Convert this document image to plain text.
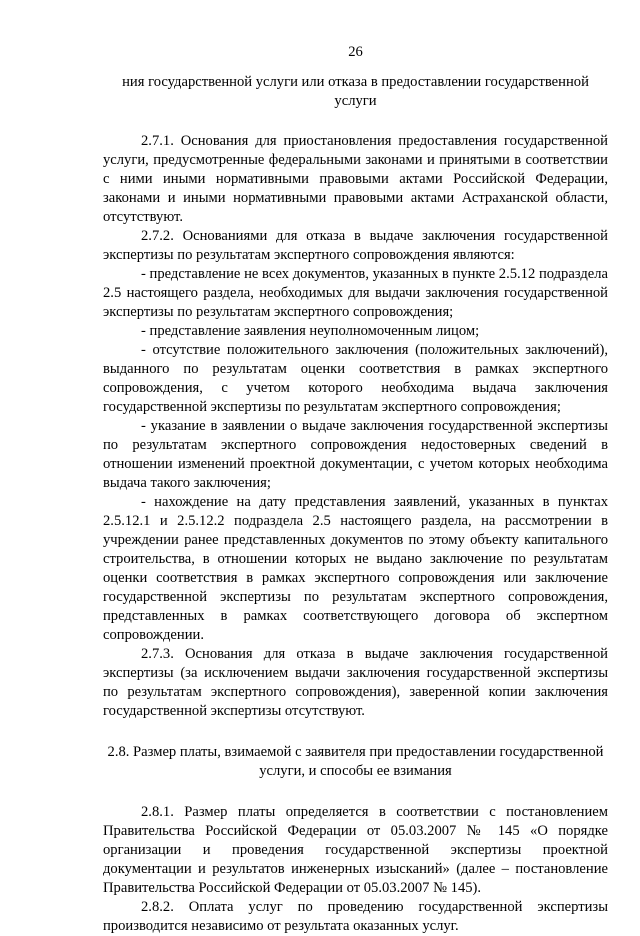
26

ния государственной услуги или отказа в предоставлении государственной услуги

2.7.1. Основания для приостановления предоставления государственной услуги, предусмотренные федеральными законами и принятыми в соответствии с ними иными нормативными правовыми актами Российской Федерации, законами и иными нормативными правовыми актами Астраханской области, отсутствуют.

2.7.2. Основаниями для отказа в выдаче заключения государственной экспертизы по результатам экспертного сопровождения являются:

- представление не всех документов, указанных в пункте 2.5.12 подраздела 2.5 настоящего раздела, необходимых для выдачи заключения государственной экспертизы по результатам экспертного сопровождения;

- представление заявления неуполномоченным лицом;

- отсутствие положительного заключения (положительных заключений), выданного по результатам оценки соответствия в рамках экспертного сопровождения, с учетом которого необходима выдача заключения государственной экспертизы по результатам экспертного сопровождения;

- указание в заявлении о выдаче заключения государственной экспертизы по результатам экспертного сопровождения недостоверных сведений в отношении изменений проектной документации, с учетом которых необходима выдача такого заключения;

- нахождение на дату представления заявлений, указанных в пунктах 2.5.12.1 и 2.5.12.2 подраздела 2.5 настоящего раздела, на рассмотрении в учреждении ранее представленных документов по этому объекту капитального строительства, в отношении которых не выдано заключение по результатам оценки соответствия в рамках экспертного сопровождения или заключение государственной экспертизы по результатам экспертного сопровождения, представленных в рамках соответствующего договора об экспертном сопровождении.

2.7.3. Основания для отказа в выдаче заключения государственной экспертизы (за исключением выдачи заключения государственной экспертизы по результатам экспертного сопровождения), заверенной копии заключения государственной экспертизы отсутствуют.

2.8. Размер платы, взимаемой с заявителя при предоставлении государственной услуги, и способы ее взимания

2.8.1. Размер платы определяется в соответствии с постановлением Правительства Российской Федерации от 05.03.2007 № 145 «О порядке организации и проведения государственной экспертизы проектной документации и результатов инженерных изысканий» (далее – постановление Правительства Российской Федерации от 05.03.2007 № 145).

2.8.2. Оплата услуг по проведению государственной экспертизы производится независимо от результата оказанных услуг.
